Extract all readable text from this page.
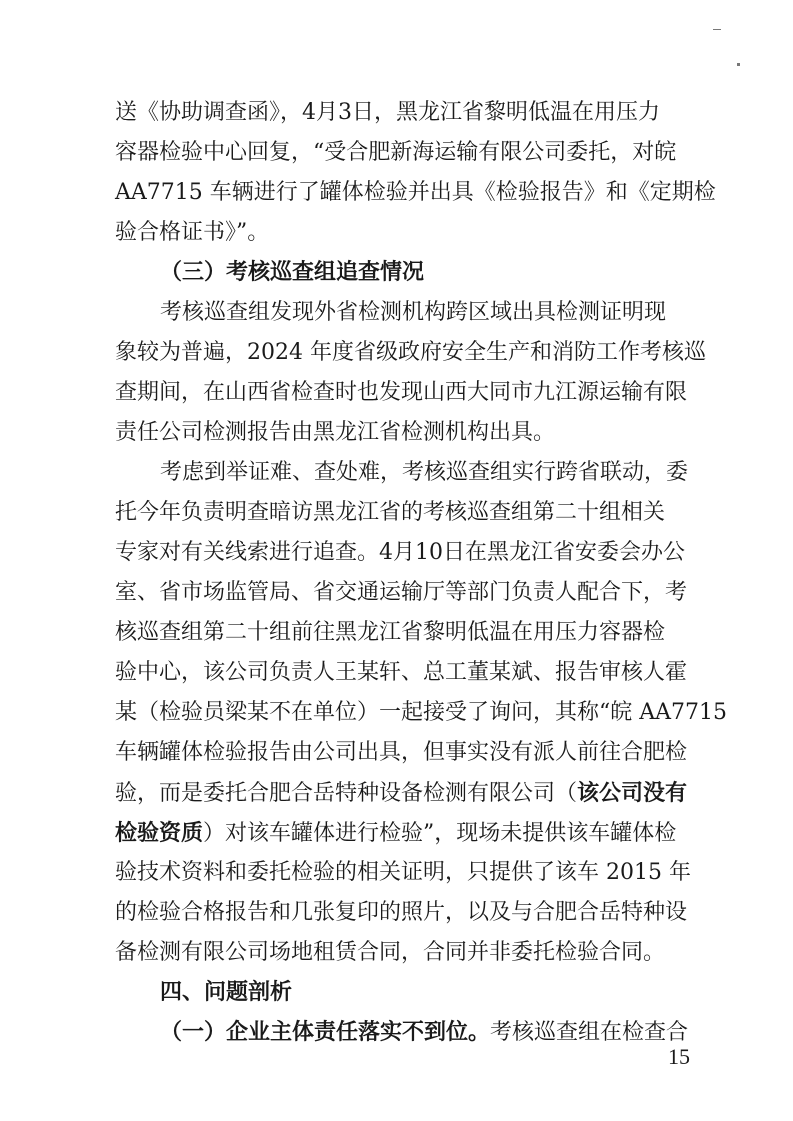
送《协助调查函》，4月3日，黑龙江省黎明低温在用压力
容器检验中心回复，“受合肥新海运输有限公司委托，对皖
AA7715 车辆进行了罐体检验并出具《检验报告》和《定期检
验合格证书》”。
（三）考核巡查组追查情况
考核巡查组发现外省检测机构跨区域出具检测证明现
象较为普遍，2024 年度省级政府安全生产和消防工作考核巡
查期间，在山西省检查时也发现山西大同市九江源运输有限
责任公司检测报告由黑龙江省检测机构出具。
考虑到举证难、查处难，考核巡查组实行跨省联动，委
托今年负责明查暗访黑龙江省的考核巡查组第二十组相关
专家对有关线索进行追查。4月10日在黑龙江省安委会办公
室、省市场监管局、省交通运输厅等部门负责人配合下，考
核巡查组第二十组前往黑龙江省黎明低温在用压力容器检
验中心，该公司负责人王某轩、总工董某斌、报告审核人霍
某（检验员梁某不在单位）一起接受了询问，其称“皖 AA7715
车辆罐体检验报告由公司出具，但事实没有派人前往合肥检
验，而是委托合肥合岳特种设备检测有限公司（该公司没有
检验资质）对该车罐体进行检验”，现场未提供该车罐体检
验技术资料和委托检验的相关证明，只提供了该车 2015 年
的检验合格报告和几张复印的照片，以及与合肥合岳特种设
备检测有限公司场地租赁合同，合同并非委托检验合同。
四、问题剖析
（一）企业主体责任落实不到位。考核巡查组在检查合
15
